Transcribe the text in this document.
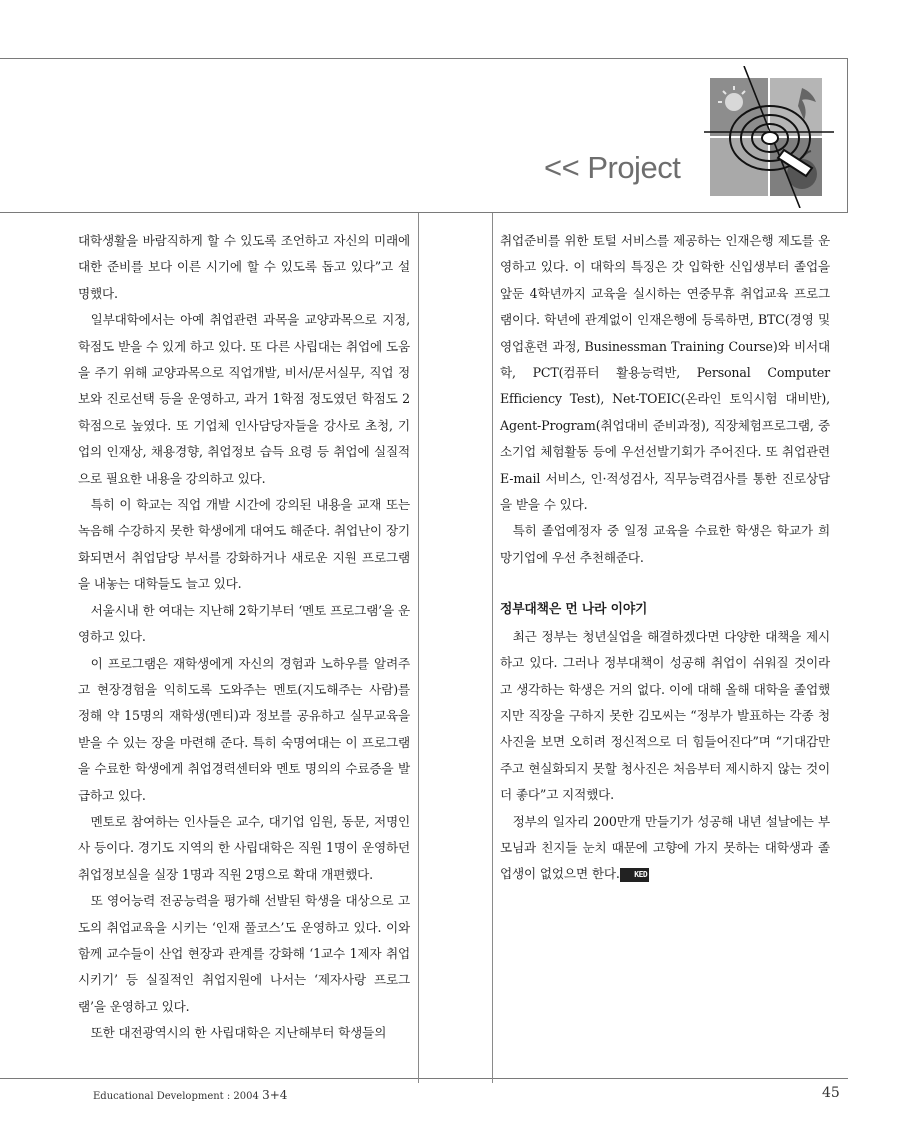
<< Project

대학생활을 바람직하게 할 수 있도록 조언하고 자신의 미래에 대한 준비를 보다 이른 시기에 할 수 있도록 돕고 있다”고 설명했다.

일부대학에서는 아예 취업관련 과목을 교양과목으로 지정, 학점도 받을 수 있게 하고 있다. 또 다른 사립대는 취업에 도움을 주기 위해 교양과목으로 직업개발, 비서/문서실무, 직업 정보와 진로선택 등을 운영하고, 과거 1학점 정도였던 학점도 2학점으로 높였다. 또 기업체 인사담당자들을 강사로 초청, 기업의 인재상, 채용경향, 취업정보 습득 요령 등 취업에 실질적으로 필요한 내용을 강의하고 있다.

특히 이 학교는 직업 개발 시간에 강의된 내용을 교재 또는 녹음해 수강하지 못한 학생에게 대여도 해준다. 취업난이 장기화되면서 취업담당 부서를 강화하거나 새로운 지원 프로그램을 내놓는 대학들도 늘고 있다.

서울시내 한 여대는 지난해 2학기부터 ‘멘토 프로그램’을 운영하고 있다.

이 프로그램은 재학생에게 자신의 경험과 노하우를 알려주고 현장경험을 익히도록 도와주는 멘토(지도해주는 사람)를 정해 약 15명의 재학생(멘티)과 정보를 공유하고 실무교육을 받을 수 있는 장을 마련해 준다. 특히 숙명여대는 이 프로그램을 수료한 학생에게 취업경력센터와 멘토 명의의 수료증을 발급하고 있다.

멘토로 참여하는 인사들은 교수, 대기업 임원, 동문, 저명인사 등이다. 경기도 지역의 한 사립대학은 직원 1명이 운영하던 취업정보실을 실장 1명과 직원 2명으로 확대 개편했다.

또 영어능력 전공능력을 평가해 선발된 학생을 대상으로 고도의 취업교육을 시키는 ‘인재 풀코스’도 운영하고 있다. 이와 함께 교수들이 산업 현장과 관계를 강화해 ‘1교수 1제자 취업시키기’ 등 실질적인 취업지원에 나서는 ‘제자사랑 프로그램’을 운영하고 있다.

또한 대전광역시의 한 사립대학은 지난해부터 학생들의

취업준비를 위한 토털 서비스를 제공하는 인재은행 제도를 운영하고 있다. 이 대학의 특징은 갓 입학한 신입생부터 졸업을 앞둔 4학년까지 교육을 실시하는 연중무휴 취업교육 프로그램이다. 학년에 관계없이 인재은행에 등록하면, BTC(경영 및 영업훈련 과정, Businessman Training Course)와 비서대학, PCT(컴퓨터 활용능력반, Personal Computer Efficiency Test), Net-TOEIC(온라인 토익시험 대비반), Agent-Program(취업대비 준비과정), 직장체험프로그램, 중소기업 체험활동 등에 우선선발기회가 주어진다. 또 취업관련 E-mail 서비스, 인·적성검사, 직무능력검사를 통한 진로상담을 받을 수 있다.

특히 졸업예정자 중 일정 교육을 수료한 학생은 학교가 희망기업에 우선 추천해준다.

정부대책은 먼 나라 이야기

최근 정부는 청년실업을 해결하겠다면 다양한 대책을 제시하고 있다. 그러나 정부대책이 성공해 취업이 쉬워질 것이라고 생각하는 학생은 거의 없다. 이에 대해 올해 대학을 졸업했지만 직장을 구하지 못한 김모씨는 “정부가 발표하는 각종 청사진을 보면 오히려 정신적으로 더 힘들어진다”며 “기대감만 주고 현실화되지 못할 청사진은 처음부터 제시하지 않는 것이 더 좋다”고 지적했다.

정부의 일자리 200만개 만들기가 성공해 내년 설날에는 부모님과 친지들 눈치 때문에 고향에 가지 못하는 대학생과 졸업생이 없었으면 한다. KED

Educational Development : 2004 3+4	45
